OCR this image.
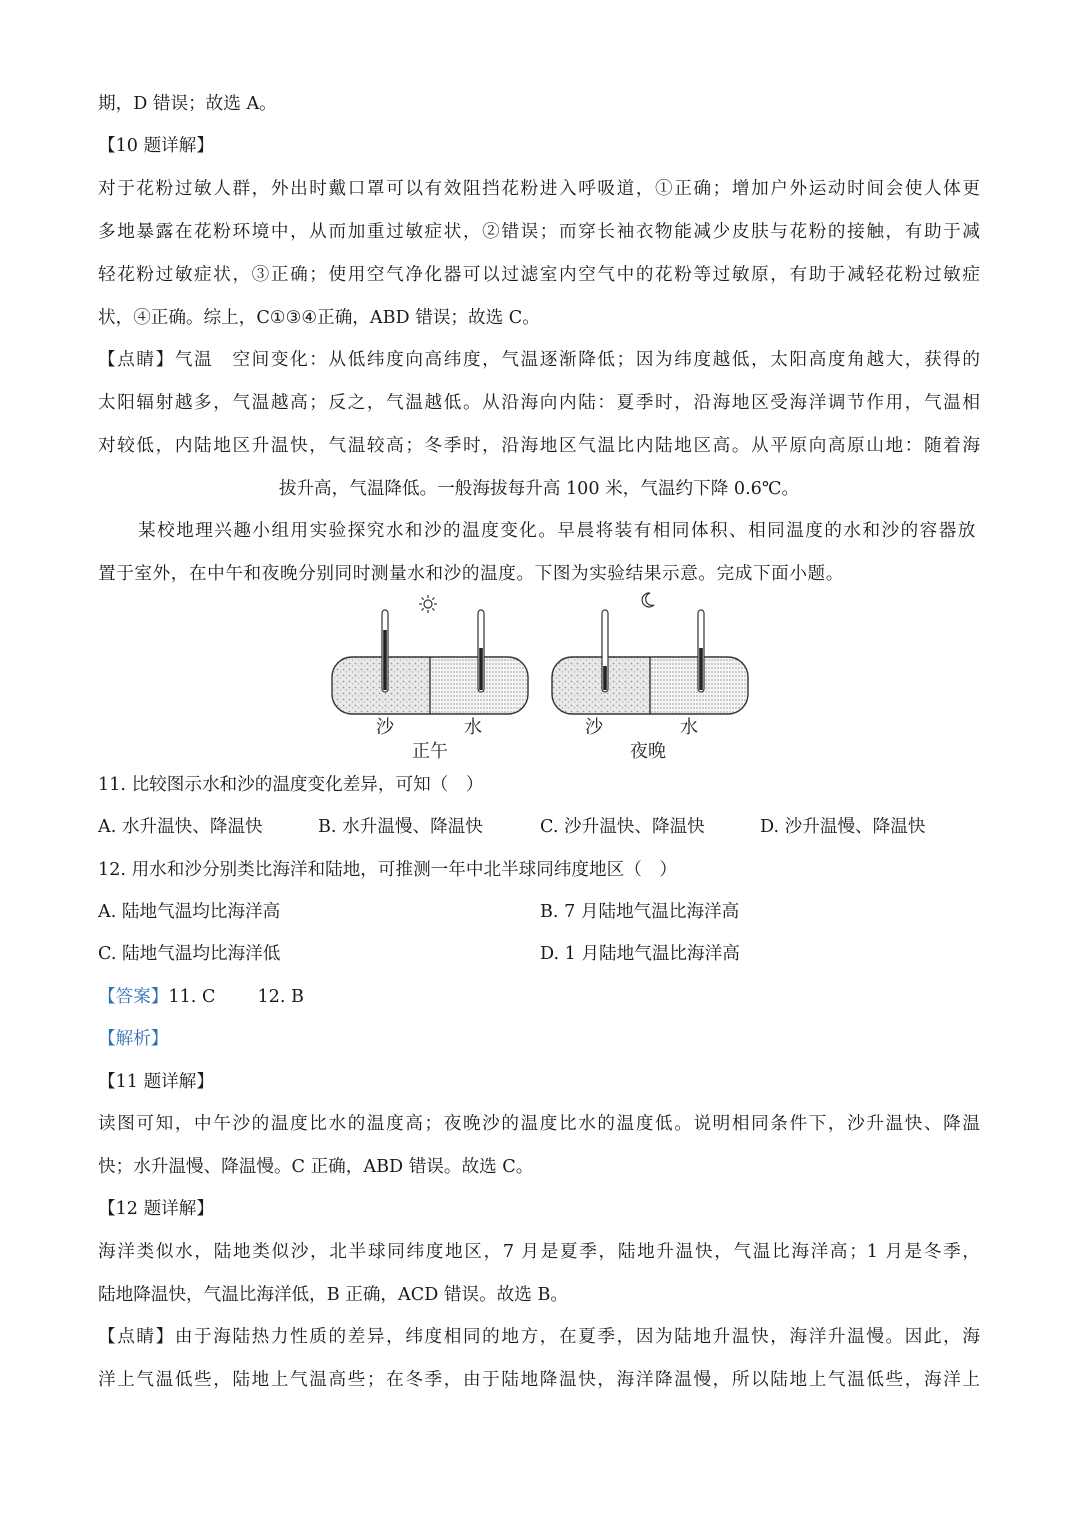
期，D 错误；故选 A。
【10 题详解】
对于花粉过敏人群，外出时戴口罩可以有效阻挡花粉进入呼吸道，①正确；增加户外运动时间会使人体更
多地暴露在花粉环境中，从而加重过敏症状，②错误；而穿长袖衣物能减少皮肤与花粉的接触，有助于减
轻花粉过敏症状，③正确；使用空气净化器可以过滤室内空气中的花粉等过敏原，有助于减轻花粉过敏症
状，④正确。综上，C①③④正确，ABD 错误；故选 C。
【点睛】气温　空间变化：从低纬度向高纬度，气温逐渐降低；因为纬度越低，太阳高度角越大，获得的
太阳辐射越多，气温越高；反之，气温越低。从沿海向内陆：夏季时，沿海地区受海洋调节作用，气温相
对较低，内陆地区升温快，气温较高；冬季时，沿海地区气温比内陆地区高。从平原向高原山地：随着海
拔升高，气温降低。一般海拔每升高 100 米，气温约下降 0.6℃。
某校地理兴趣小组用实验探究水和沙的温度变化。早晨将装有相同体积、相同温度的水和沙的容器放
置于室外，在中午和夜晚分别同时测量水和沙的温度。下图为实验结果示意。完成下面小题。
沙	水
正午
沙	水
夜晚
11. 比较图示水和沙的温度变化差异，可知（　）
A. 水升温快、降温快	B. 水升温慢、降温快	C. 沙升温快、降温快	D. 沙升温慢、降温快
12. 用水和沙分别类比海洋和陆地，可推测一年中北半球同纬度地区（　）
A. 陆地气温均比海洋高	B. 7 月陆地气温比海洋高
C. 陆地气温均比海洋低	D. 1 月陆地气温比海洋高
【答案】11. C 12. B
【解析】
【11 题详解】
读图可知，中午沙的温度比水的温度高；夜晚沙的温度比水的温度低。说明相同条件下，沙升温快、降温
快；水升温慢、降温慢。C 正确，ABD 错误。故选 C。
【12 题详解】
海洋类似水，陆地类似沙，北半球同纬度地区，7 月是夏季，陆地升温快，气温比海洋高；1 月是冬季，
陆地降温快，气温比海洋低，B 正确，ACD 错误。故选 B。
【点睛】由于海陆热力性质的差异，纬度相同的地方，在夏季，因为陆地升温快，海洋升温慢。因此，海
洋上气温低些，陆地上气温高些；在冬季，由于陆地降温快，海洋降温慢，所以陆地上气温低些，海洋上
